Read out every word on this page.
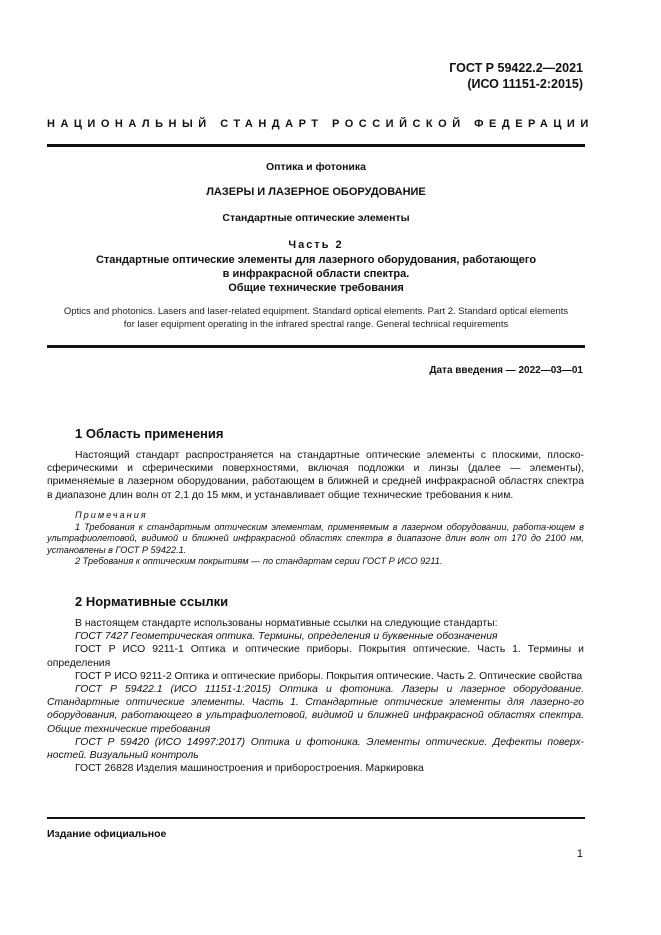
ГОСТ Р 59422.2—2021
(ИСО 11151-2:2015)
НАЦИОНАЛЬНЫЙ СТАНДАРТ РОССИЙСКОЙ ФЕДЕРАЦИИ
Оптика и фотоника
ЛАЗЕРЫ И ЛАЗЕРНОЕ ОБОРУДОВАНИЕ
Стандартные оптические элементы
Часть 2
Стандартные оптические элементы для лазерного оборудования, работающего
в инфракрасной области спектра.
Общие технические требования
Optics and photonics. Lasers and laser-related equipment. Standard optical elements. Part 2. Standard optical elements
for laser equipment operating in the infrared spectral range. General technical requirements
Дата введения — 2022—03—01
1 Область применения
Настоящий стандарт распространяется на стандартные оптические элементы с плоскими, плоско-сферическими и сферическими поверхностями, включая подложки и линзы (далее — элементы), применяемые в лазерном оборудовании, работающем в ближней и средней инфракрасной областях спектра в диапазоне длин волн от 2,1 до 15 мкм, и устанавливает общие технические требования к ним.
Примечания
1 Требования к стандартным оптическим элементам, применяемым в лазерном оборудовании, работа-ющем в ультрафиолетовой, видимой и ближней инфракрасной областях спектра в диапазоне длин волн от 170 до 2100 нм, установлены в ГОСТ Р 59422.1.
2 Требования к оптическим покрытиям — по стандартам серии ГОСТ Р ИСО 9211.
2 Нормативные ссылки
В настоящем стандарте использованы нормативные ссылки на следующие стандарты:
ГОСТ 7427 Геометрическая оптика. Термины, определения и буквенные обозначения
ГОСТ Р ИСО 9211-1 Оптика и оптические приборы. Покрытия оптические. Часть 1. Термины и определения
ГОСТ Р ИСО 9211-2 Оптика и оптические приборы. Покрытия оптические. Часть 2. Оптические свойства
ГОСТ Р 59422.1 (ИСО 11151-1:2015) Оптика и фотоника. Лазеры и лазерное оборудование. Стандартные оптические элементы. Часть 1. Стандартные оптические элементы для лазерно-го оборудования, работающего в ультрафиолетовой, видимой и ближней инфракрасной областях спектра. Общие технические требования
ГОСТ Р 59420 (ИСО 14997:2017) Оптика и фотоника. Элементы оптические. Дефекты поверх-ностей. Визуальный контроль
ГОСТ 26828 Изделия машиностроения и приборостроения. Маркировка
Издание официальное
1
